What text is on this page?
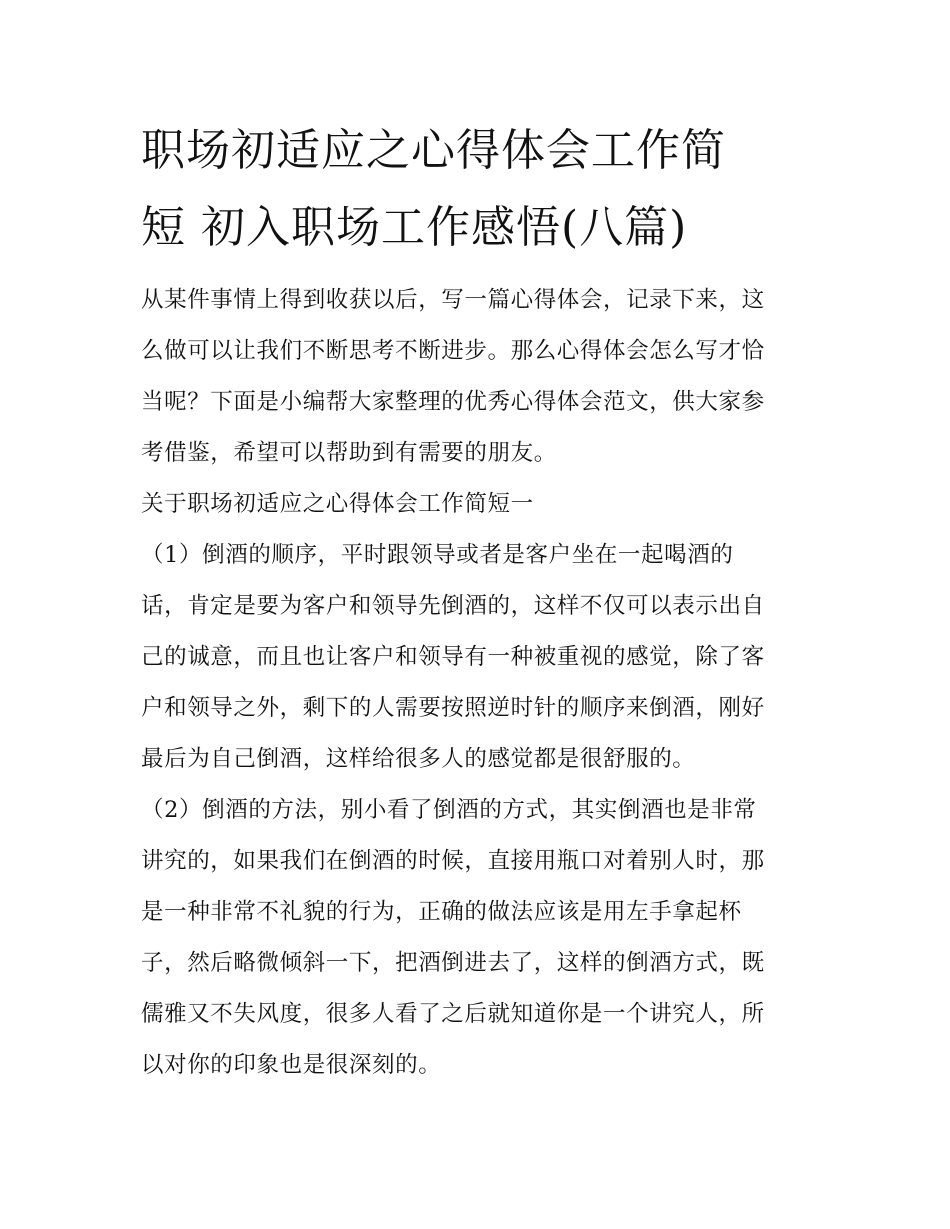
职场初适应之心得体会工作简
短 初入职场工作感悟(八篇)

从某件事情上得到收获以后，写一篇心得体会，记录下来，这
么做可以让我们不断思考不断进步。那么心得体会怎么写才恰
当呢？下面是小编帮大家整理的优秀心得体会范文，供大家参
考借鉴，希望可以帮助到有需要的朋友。

关于职场初适应之心得体会工作简短一

（1）倒酒的顺序，平时跟领导或者是客户坐在一起喝酒的
话，肯定是要为客户和领导先倒酒的，这样不仅可以表示出自
己的诚意，而且也让客户和领导有一种被重视的感觉，除了客
户和领导之外，剩下的人需要按照逆时针的顺序来倒酒，刚好
最后为自己倒酒，这样给很多人的感觉都是很舒服的。

（2）倒酒的方法，别小看了倒酒的方式，其实倒酒也是非常
讲究的，如果我们在倒酒的时候，直接用瓶口对着别人时，那
是一种非常不礼貌的行为，正确的做法应该是用左手拿起杯
子，然后略微倾斜一下，把酒倒进去了，这样的倒酒方式，既
儒雅又不失风度，很多人看了之后就知道你是一个讲究人，所
以对你的印象也是很深刻的。
